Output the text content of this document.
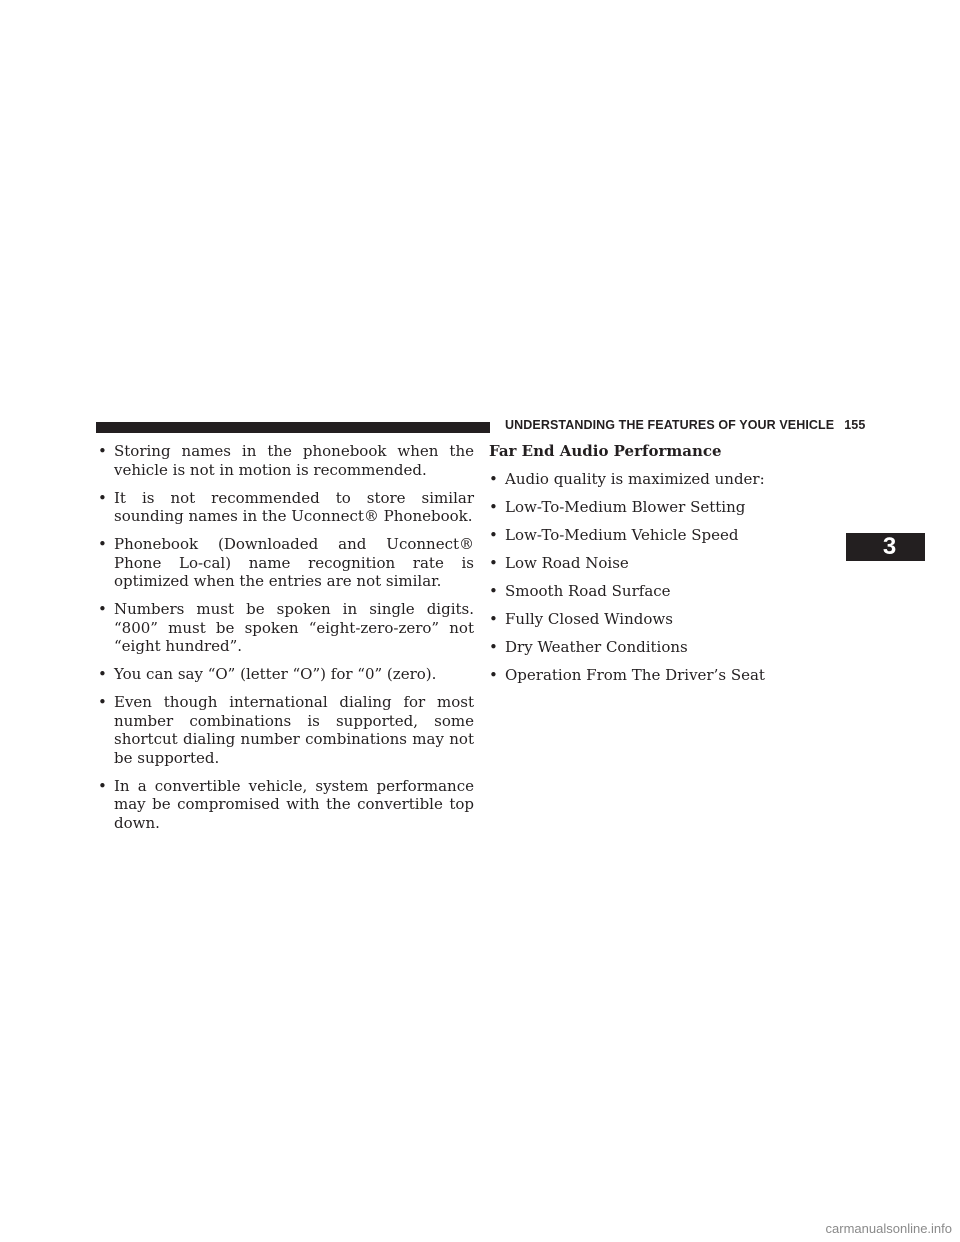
UNDERSTANDING THE FEATURES OF YOUR VEHICLE 155
• Storing names in the phonebook when the vehicle is not in motion is recommended.
• It is not recommended to store similar sounding names in the Uconnect® Phonebook.
• Phonebook (Downloaded and Uconnect® Phone Lo-cal) name recognition rate is optimized when the entries are not similar.
• Numbers must be spoken in single digits. “800” must be spoken “eight-zero-zero” not “eight hundred”.
• You can say “O” (letter “O”) for “0” (zero).
• Even though international dialing for most number combinations is supported, some shortcut dialing number combinations may not be supported.
• In a convertible vehicle, system performance may be compromised with the convertible top down.
Far End Audio Performance
• Audio quality is maximized under:
• Low-To-Medium Blower Setting
• Low-To-Medium Vehicle Speed
• Low Road Noise
• Smooth Road Surface
• Fully Closed Windows
• Dry Weather Conditions
• Operation From The Driver’s Seat
3
carmanualsonline.info
